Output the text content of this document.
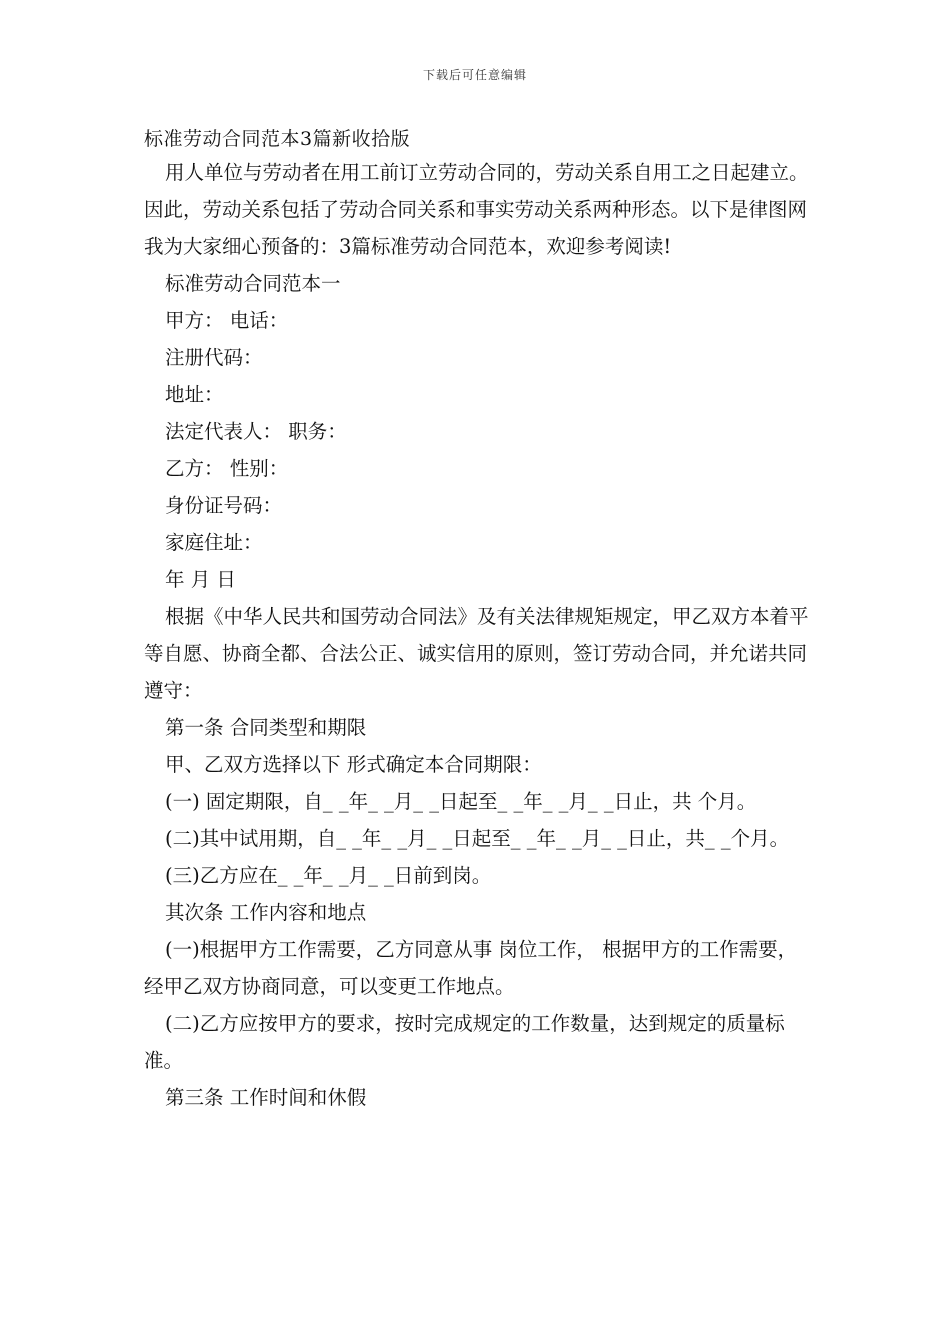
下载后可任意编辑
标准劳动合同范本3篇新收拾版

用人单位与劳动者在用工前订立劳动合同的，劳动关系自用工之日起建立。因此，劳动关系包括了劳动合同关系和事实劳动关系两种形态。以下是律图网我为大家细心预备的：3篇标准劳动合同范本，欢迎参考阅读!

标准劳动合同范本一

甲方： 电话：

注册代码：

地址：

法定代表人： 职务：

乙方： 性别：

身份证号码：

家庭住址：

年 月 日

根据《中华人民共和国劳动合同法》及有关法律规矩规定，甲乙双方本着平等自愿、协商全都、合法公正、诚实信用的原则，签订劳动合同，并允诺共同遵守：

第一条 合同类型和期限

甲、乙双方选择以下 形式确定本合同期限：

(一) 固定期限，自_ _年_ _月_ _日起至_ _年_ _月_ _日止，共 个月。

(二)其中试用期，自_ _年_ _月_ _日起至_ _年_ _月_ _日止，共_ _个月。

(三)乙方应在_ _年_ _月_ _日前到岗。

其次条 工作内容和地点

(一)根据甲方工作需要，乙方同意从事 岗位工作， 根据甲方的工作需要，经甲乙双方协商同意，可以变更工作地点。

(二)乙方应按甲方的要求，按时完成规定的工作数量，达到规定的质量标准。

第三条 工作时间和休假
